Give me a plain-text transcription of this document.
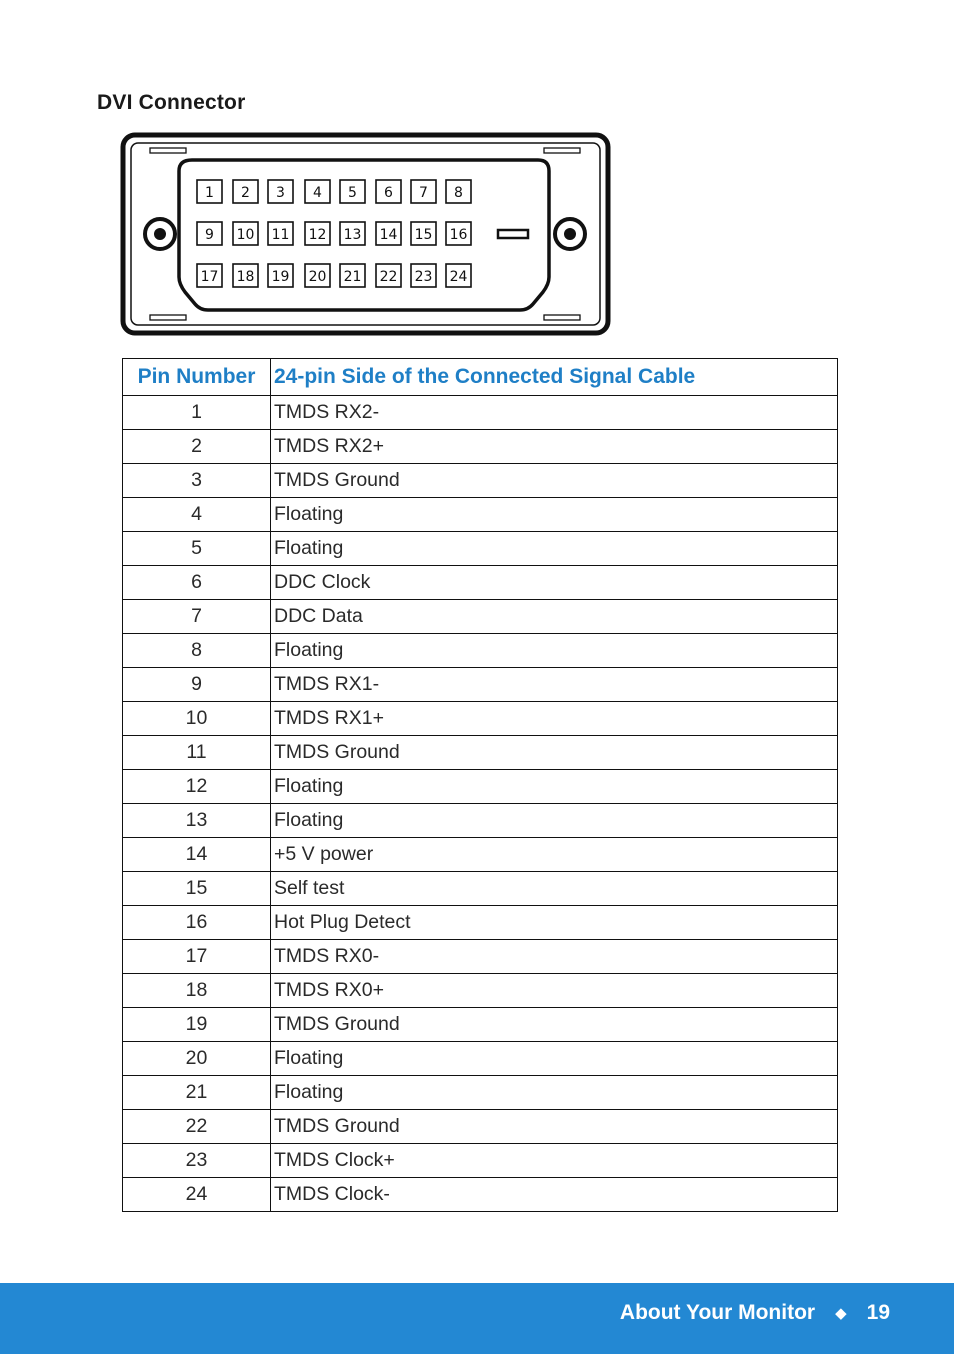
DVI Connector
1 2 3 4 5 6 7 8
9 10 11 12 13 14 15 16
17 18 19 20 21 22 23 24
Pin Number	24-pin Side of the Connected Signal Cable
1	TMDS RX2-
2	TMDS RX2+
3	TMDS Ground
4	Floating
5	Floating
6	DDC Clock
7	DDC Data
8	Floating
9	TMDS RX1-
10	TMDS RX1+
11	TMDS Ground
12	Floating
13	Floating
14	+5 V power
15	Self test
16	Hot Plug Detect
17	TMDS RX0-
18	TMDS RX0+
19	TMDS Ground
20	Floating
21	Floating
22	TMDS Ground
23	TMDS Clock+
24	TMDS Clock-
About Your Monitor ◆ 19
